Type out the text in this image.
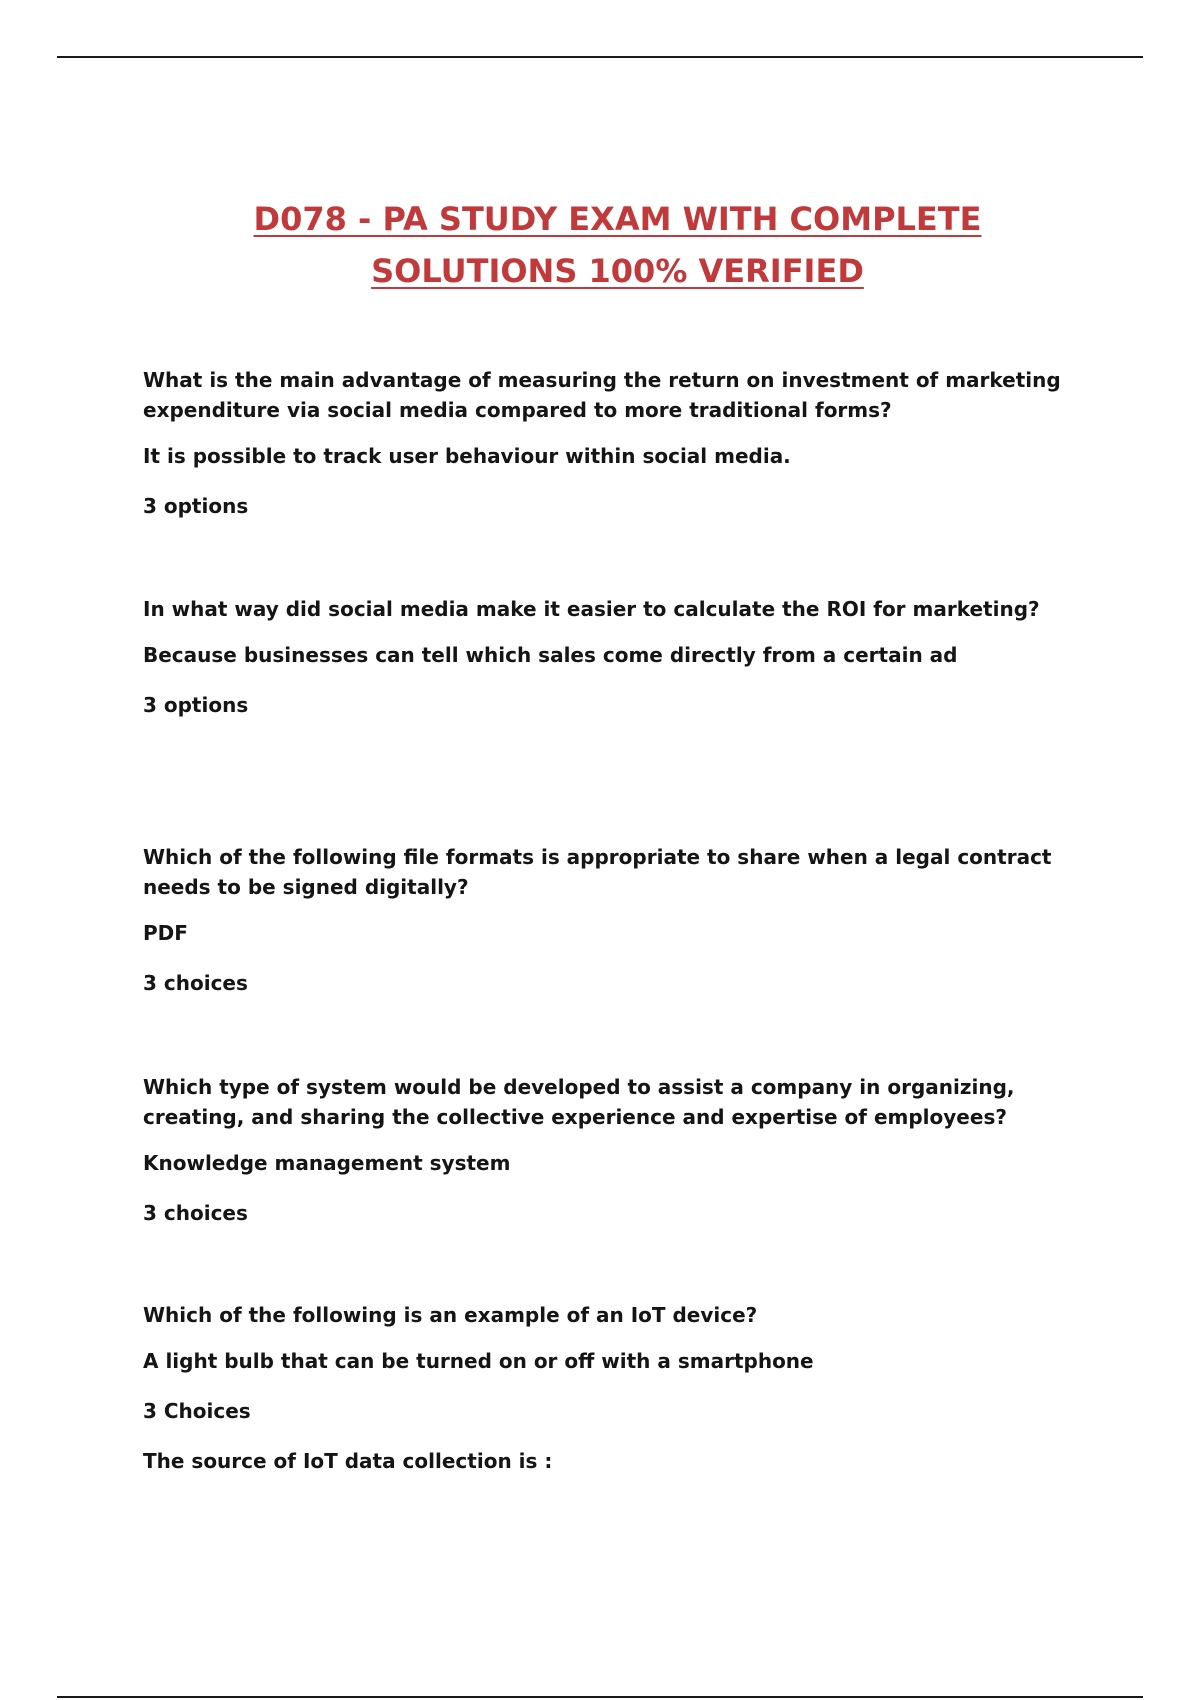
D078 - PA STUDY EXAM WITH COMPLETE
SOLUTIONS 100% VERIFIED

What is the main advantage of measuring the return on investment of marketing expenditure via social media compared to more traditional forms?

It is possible to track user behaviour within social media.

3 options

In what way did social media make it easier to calculate the ROI for marketing?

Because businesses can tell which sales come directly from a certain ad

3 options

Which of the following file formats is appropriate to share when a legal contract needs to be signed digitally?

PDF

3 choices

Which type of system would be developed to assist a company in organizing, creating, and sharing the collective experience and expertise of employees?

Knowledge management system

3 choices

Which of the following is an example of an IoT device?

A light bulb that can be turned on or off with a smartphone

3 Choices

The source of IoT data collection is :
